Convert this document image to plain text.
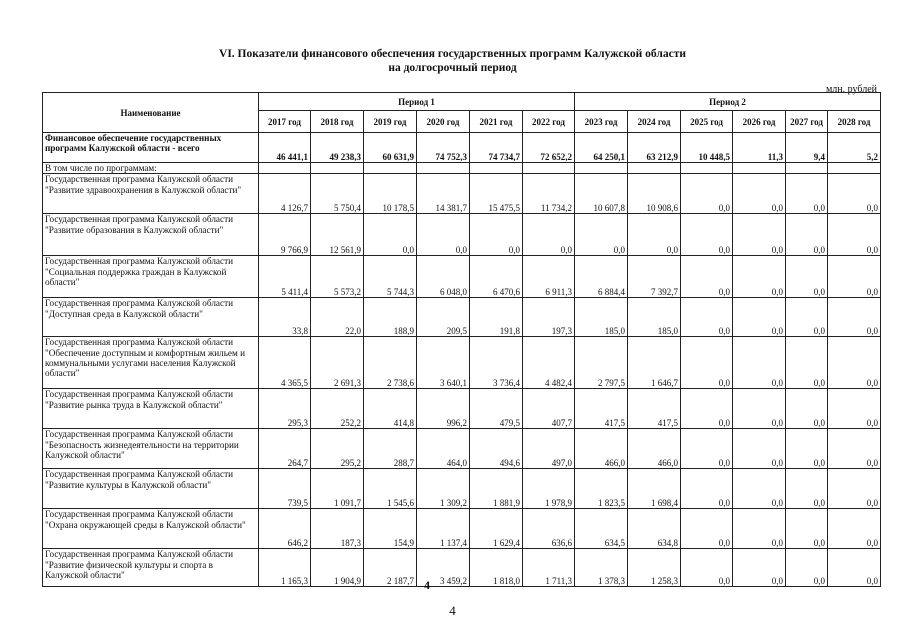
VI. Показатели финансового обеспечения государственных программ Калужской области
на долгосрочный период
млн. рублей
Наименование	Период 1						Период 2					
	2017 год	2018 год	2019 год	2020 год	2021 год	2022 год	2023 год	2024 год	2025 год	2026 год	2027 год	2028 год
Финансовое обеспечение государственных программ Калужской области - всего	46 441,1	49 238,3	60 631,9	74 752,3	74 734,7	72 652,2	64 250,1	63 212,9	10 448,5	11,3	9,4	5,2
В том числе по программам:												
Государственная программа Калужской области "Развитие здравоохранения в Калужской области"	4 126,7	5 750,4	10 178,5	14 381,7	15 475,5	11 734,2	10 607,8	10 908,6	0,0	0,0	0,0	0,0
Государственная программа Калужской области "Развитие образования в Калужской области"	9 766,9	12 561,9	0,0	0,0	0,0	0,0	0,0	0,0	0,0	0,0	0,0	0,0
Государственная программа Калужской области "Социальная поддержка граждан в Калужской области"	5 411,4	5 573,2	5 744,3	6 048,0	6 470,6	6 911,3	6 884,4	7 392,7	0,0	0,0	0,0	0,0
Государственная программа Калужской области "Доступная среда в Калужской области"	33,8	22,0	188,9	209,5	191,8	197,3	185,0	185,0	0,0	0,0	0,0	0,0
Государственная программа Калужской области "Обеспечение доступным и комфортным жильем и коммунальными услугами населения Калужской области"	4 365,5	2 691,3	2 738,6	3 640,1	3 736,4	4 482,4	2 797,5	1 646,7	0,0	0,0	0,0	0,0
Государственная программа Калужской области "Развитие рынка труда в Калужской области"	295,3	252,2	414,8	996,2	479,5	407,7	417,5	417,5	0,0	0,0	0,0	0,0
Государственная программа Калужской области "Безопасность жизнедеятельности на территории Калужской области"	264,7	295,2	288,7	464,0	494,6	497,0	466,0	466,0	0,0	0,0	0,0	0,0
Государственная программа Калужской области "Развитие культуры в Калужской области"	739,5	1 091,7	1 545,6	1 309,2	1 881,9	1 978,9	1 823,5	1 698,4	0,0	0,0	0,0	0,0
Государственная программа Калужской области "Охрана окружающей среды в Калужской области"	646,2	187,3	154,9	1 137,4	1 629,4	636,6	634,5	634,8	0,0	0,0	0,0	0,0
Государственная программа Калужской области "Развитие физической культуры и спорта в Калужской области"	1 165,3	1 904,9	2 187,7	3 459,2	1 818,0	1 711,3	1 378,3	1 258,3	0,0	0,0	0,0	0,0
4
4
